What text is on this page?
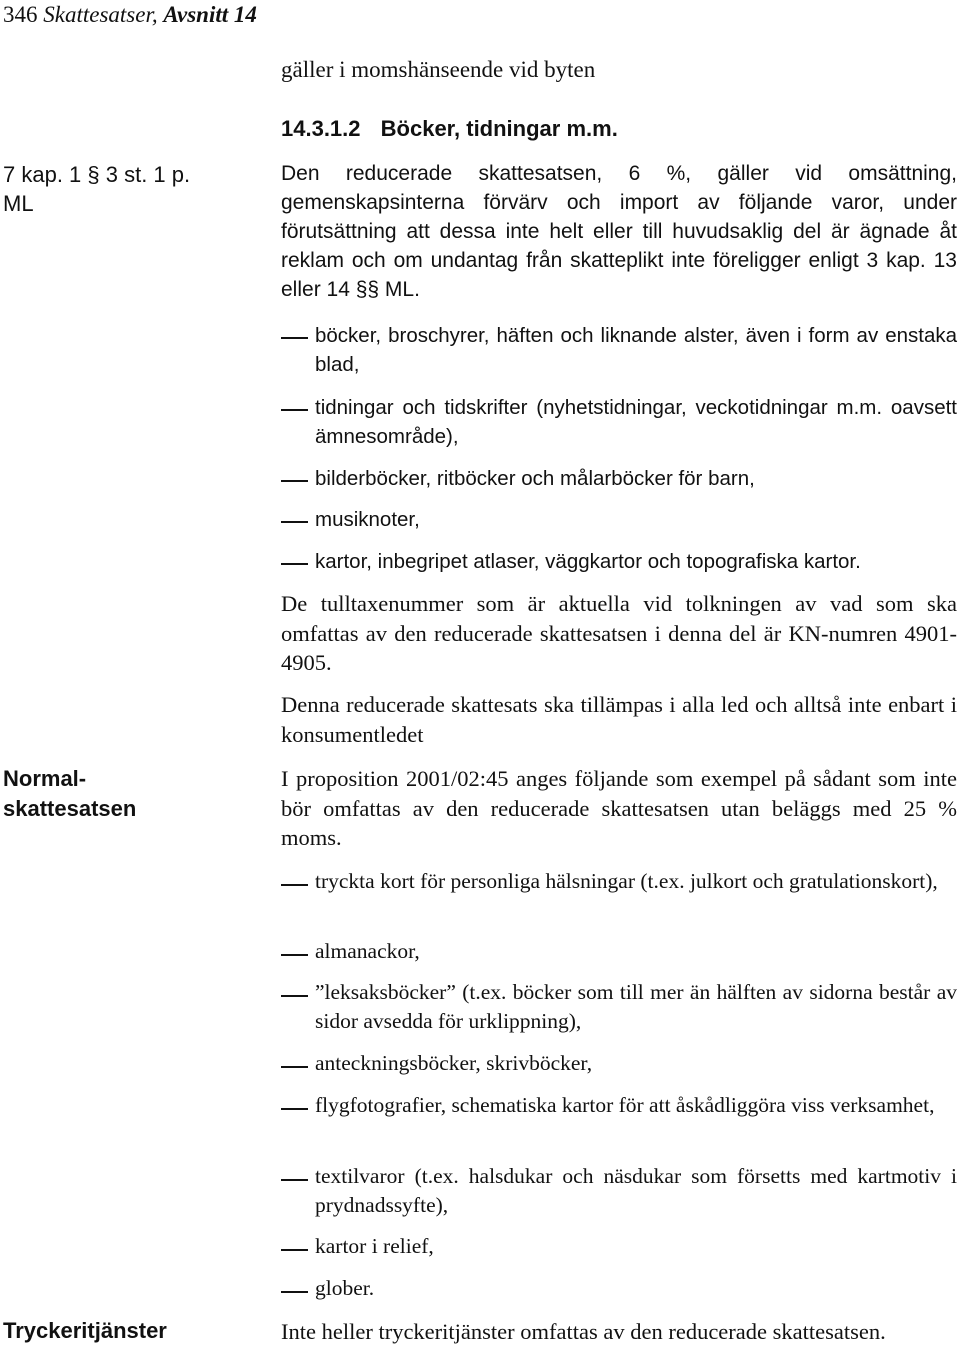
346 Skattesatser, Avsnitt 14
gäller i momshänseende vid byten
14.3.1.2 Böcker, tidningar m.m.
7 kap. 1 § 3 st. 1 p.
ML
Normal-
skattesatsen
Tryckeritjänster
Den reducerade skattesatsen, 6 %, gäller vid omsättning, gemenskapsinterna förvärv och import av följande varor, under förutsättning att dessa inte helt eller till huvudsaklig del är ägnade åt reklam och om undantag från skatteplikt inte föreligger enligt 3 kap. 13 eller 14 §§ ML.
böcker, broschyrer, häften och liknande alster, även i form av enstaka blad,
tidningar och tidskrifter (nyhetstidningar, veckotidningar m.m. oavsett ämnesområde),
bilderböcker, ritböcker och målarböcker för barn,
musiknoter,
kartor, inbegripet atlaser, väggkartor och topografiska kartor.
De tulltaxenummer som är aktuella vid tolkningen av vad som ska omfattas av den reducerade skattesatsen i denna del är KN-numren 4901-4905.
Denna reducerade skattesats ska tillämpas i alla led och alltså inte enbart i konsumentledet
I proposition 2001/02:45 anges följande som exempel på sådant som inte bör omfattas av den reducerade skattesatsen utan beläggs med 25 % moms.
tryckta kort för personliga hälsningar (t.ex. julkort och gratulationskort),
almanackor,
”leksaksböcker” (t.ex. böcker som till mer än hälften av sidorna består av sidor avsedda för urklippning),
anteckningsböcker, skrivböcker,
flygfotografier, schematiska kartor för att åskådliggöra viss verksamhet,
textilvaror (t.ex. halsdukar och näsdukar som försetts med kartmotiv i prydnadssyfte),
kartor i relief,
glober.
Inte heller tryckeritjänster omfattas av den reducerade skattesatsen.
